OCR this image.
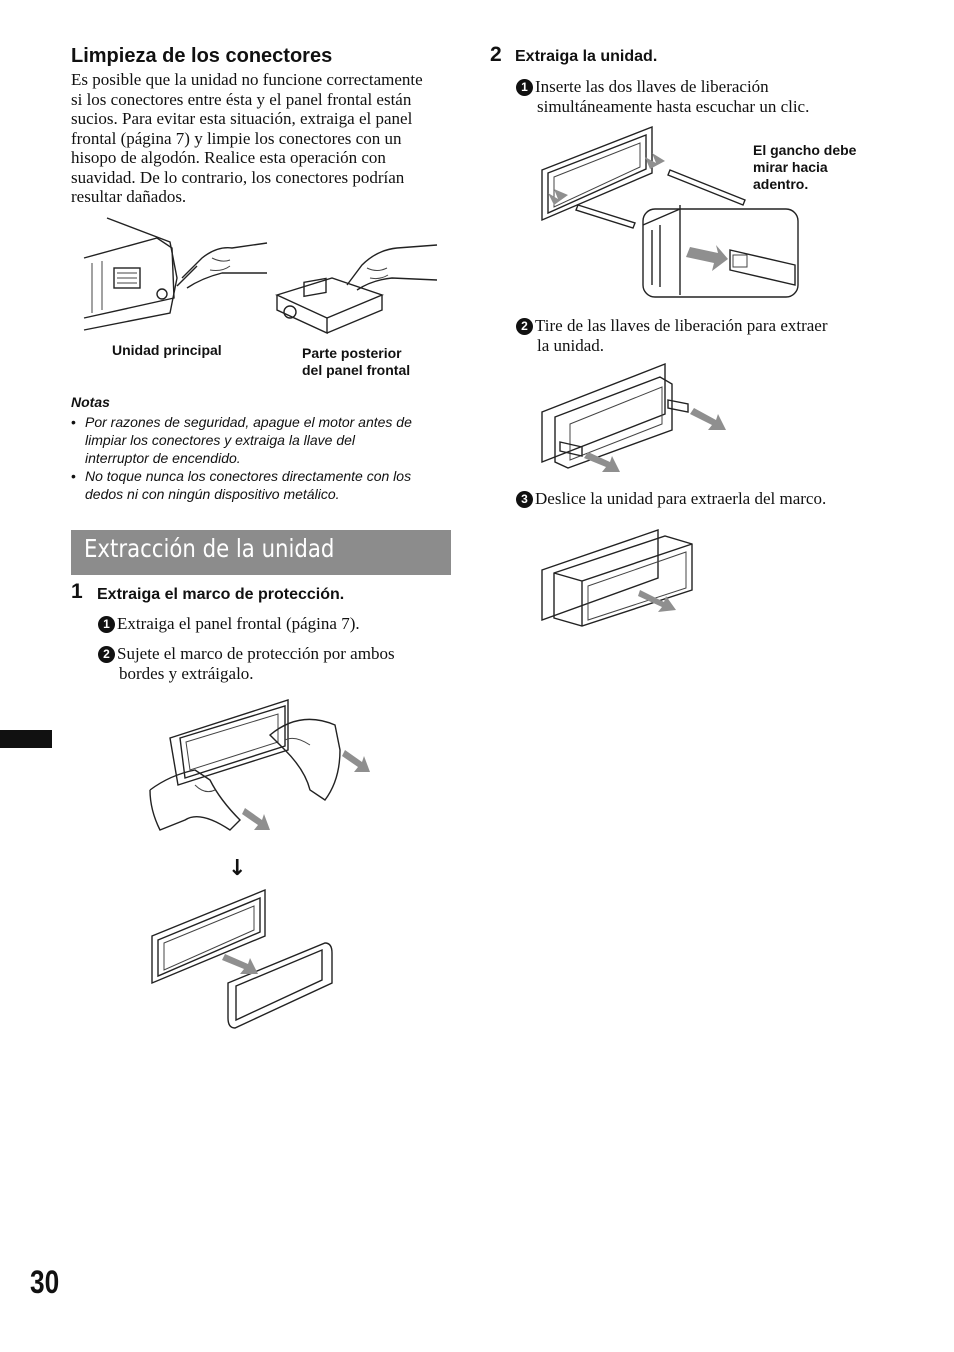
Limpieza de los conectores
Es posible que la unidad no funcione correctamente
si los conectores entre ésta y el panel frontal están
sucios. Para evitar esta situación, extraiga el panel
frontal (página 7) y limpie los conectores con un
hisopo de algodón. Realice esta operación con
suavidad. De lo contrario, los conectores podrían
resultar dañados.
Unidad principal	Parte posterior
del panel frontal
Notas
• Por razones de seguridad, apague el motor antes de
limpiar los conectores y extraiga la llave del
interruptor de encendido.
• No toque nunca los conectores directamente con los
dedos ni con ningún dispositivo metálico.
Extracción de la unidad
1 Extraiga el marco de protección.
1 Extraiga el panel frontal (página 7).
2 Sujete el marco de protección por ambos
bordes y extráigalo.
↓
30
2 Extraiga la unidad.
1 Inserte las dos llaves de liberación
simultáneamente hasta escuchar un clic.
El gancho debe
mirar hacia
adentro.
2 Tire de las llaves de liberación para extraer
la unidad.
3 Deslice la unidad para extraerla del marco.
